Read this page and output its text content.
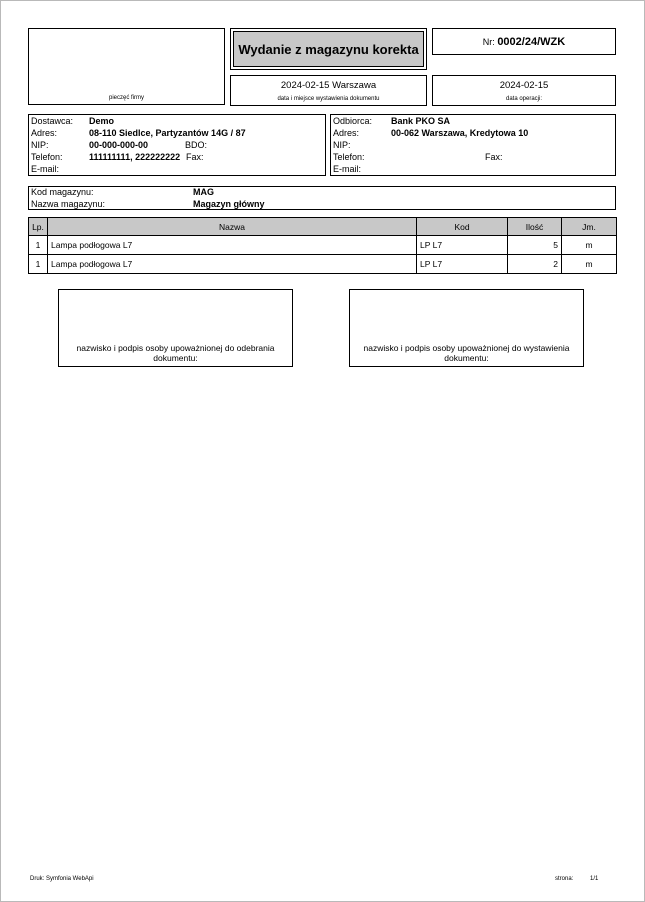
pieczęć firmy
Wydanie z magazynu korekta	Nr: 0002/24/WZK
2024-02-15 Warszawa
data i miejsce wystawienia dokumentu
2024-02-15
data operacji:
Dostawca: Demo
Adres:	08-110 Siedlce, Partyzantów 14G / 87
NIP:	00-000-000-00	BDO:
Telefon:	111111111, 222222222 Fax:
E-mail:
Odbiorca: Bank PKO SA
Adres:	00-062 Warszawa, Kredytowa 10
NIP:
Telefon:	Fax:
E-mail:
Kod magazynu:	MAG
Nazwa magazynu:	Magazyn główny
Lp.	Nazwa	Kod	Ilość	Jm.
1	Lampa podłogowa L7	LP L7	5	m
1	Lampa podłogowa L7	LP L7	2	m
nazwisko i podpis osoby upoważnionej do odebrania dokumentu:
nazwisko i podpis osoby upoważnionej do wystawienia dokumentu:
Druk: Symfonia WebApi	strona:	1/1
